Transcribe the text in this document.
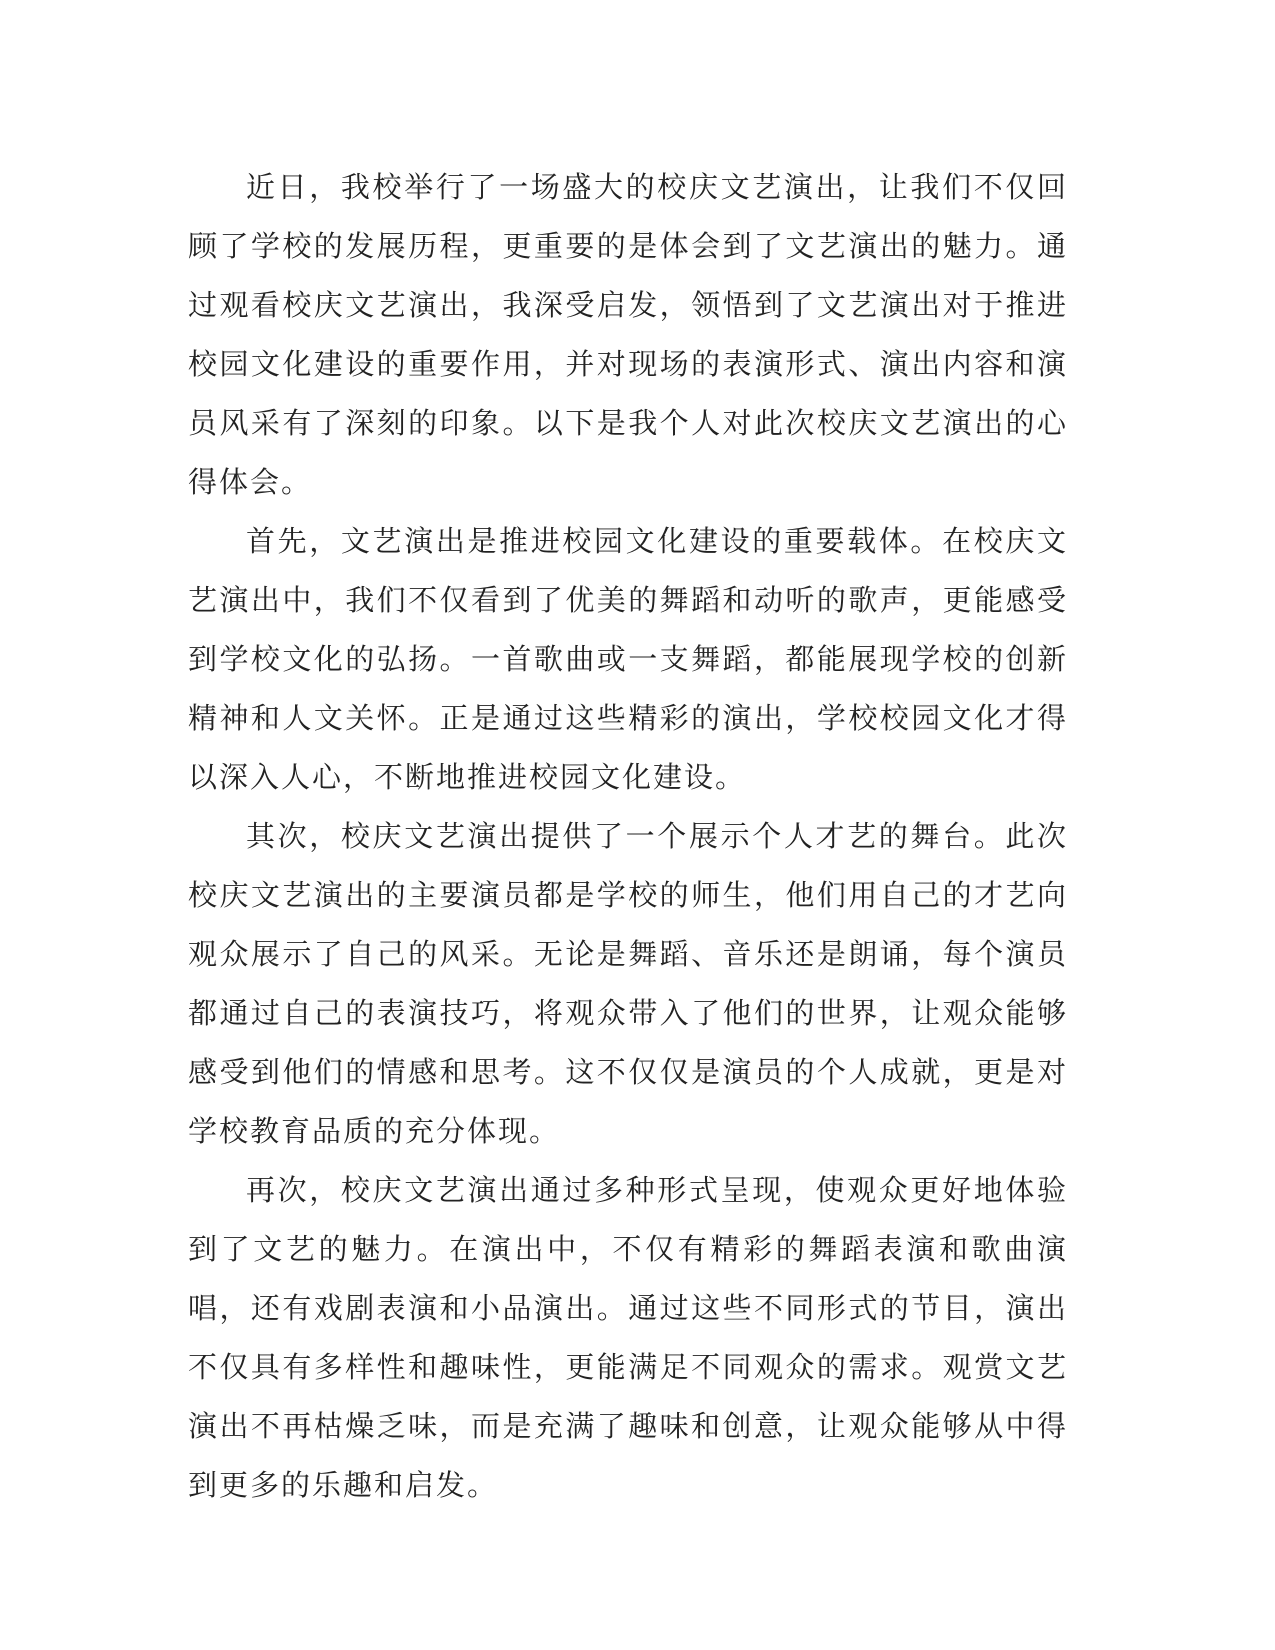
近日，我校举行了一场盛大的校庆文艺演出，让我们不仅回顾了学校的发展历程，更重要的是体会到了文艺演出的魅力。通过观看校庆文艺演出，我深受启发，领悟到了文艺演出对于推进校园文化建设的重要作用，并对现场的表演形式、演出内容和演员风采有了深刻的印象。以下是我个人对此次校庆文艺演出的心得体会。

首先，文艺演出是推进校园文化建设的重要载体。在校庆文艺演出中，我们不仅看到了优美的舞蹈和动听的歌声，更能感受到学校文化的弘扬。一首歌曲或一支舞蹈，都能展现学校的创新精神和人文关怀。正是通过这些精彩的演出，学校校园文化才得以深入人心，不断地推进校园文化建设。

其次，校庆文艺演出提供了一个展示个人才艺的舞台。此次校庆文艺演出的主要演员都是学校的师生，他们用自己的才艺向观众展示了自己的风采。无论是舞蹈、音乐还是朗诵，每个演员都通过自己的表演技巧，将观众带入了他们的世界，让观众能够感受到他们的情感和思考。这不仅仅是演员的个人成就，更是对学校教育品质的充分体现。

再次，校庆文艺演出通过多种形式呈现，使观众更好地体验到了文艺的魅力。在演出中，不仅有精彩的舞蹈表演和歌曲演唱，还有戏剧表演和小品演出。通过这些不同形式的节目，演出不仅具有多样性和趣味性，更能满足不同观众的需求。观赏文艺演出不再枯燥乏味，而是充满了趣味和创意，让观众能够从中得到更多的乐趣和启发。
